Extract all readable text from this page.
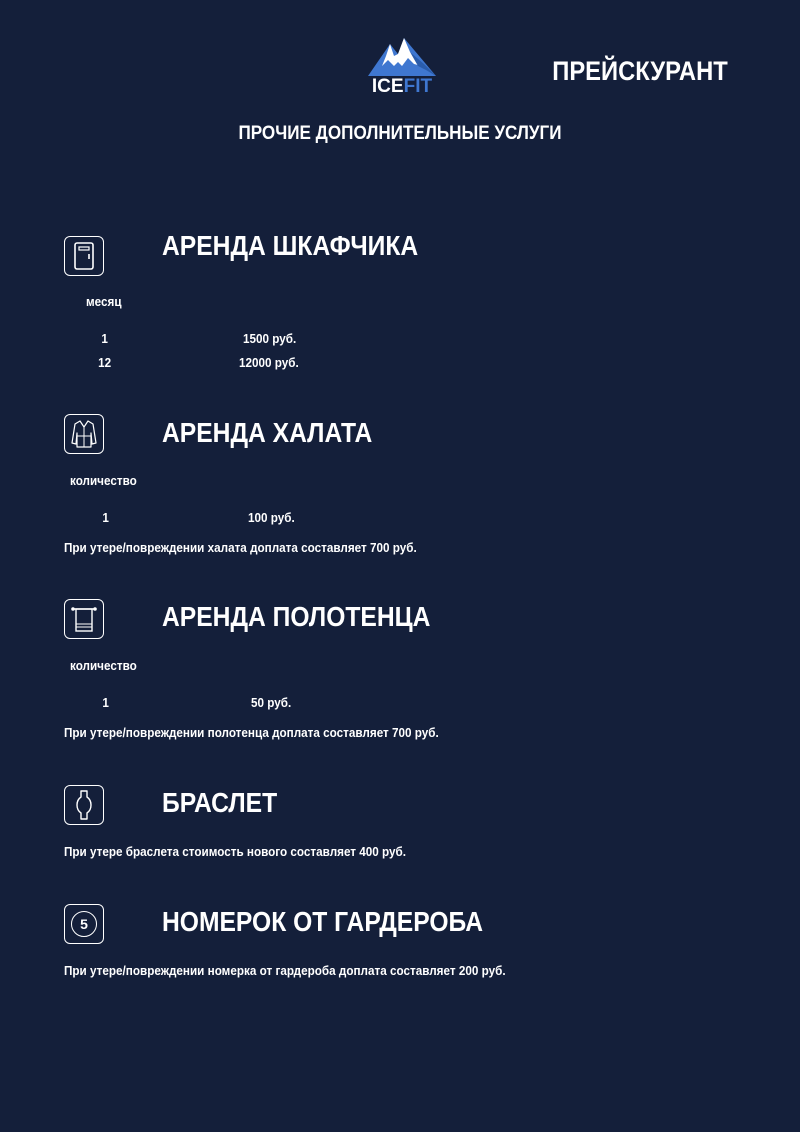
ICEFIT
ПРЕЙСКУРАНТ
ПРОЧИЕ ДОПОЛНИТЕЛЬНЫЕ УСЛУГИ
АРЕНДА ШКАФЧИКА
месяц
1	1500 руб.
12	12000 руб.
АРЕНДА ХАЛАТА
количество
1	100 руб.
При утере/повреждении халата доплата составляет 700 руб.
АРЕНДА ПОЛОТЕНЦА
количество
1	50 руб.
При утере/повреждении полотенца доплата составляет 700 руб.
БРАСЛЕТ
При утере браслета стоимость нового составляет 400 руб.
5	НОМЕРОК ОТ ГАРДЕРОБА
При утере/повреждении номерка от гардероба доплата составляет 200 руб.
